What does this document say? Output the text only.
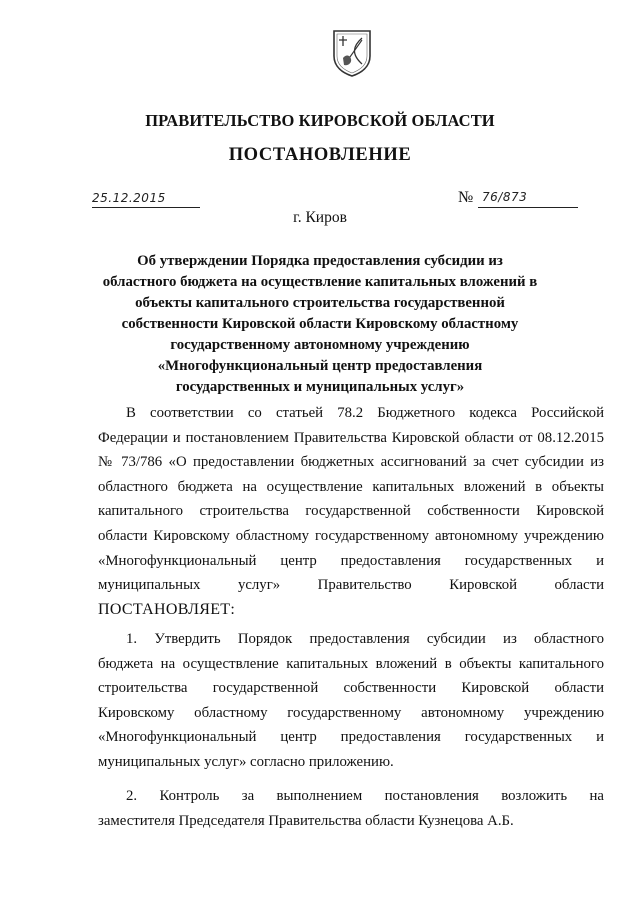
ПРАВИТЕЛЬСТВО КИРОВСКОЙ ОБЛАСТИ
ПОСТАНОВЛЕНИЕ
25.12.2015	№ 76/873
г. Киров
Об утверждении Порядка предоставления субсидии из областного бюджета на осуществление капитальных вложений в объекты капитального строительства государственной собственности Кировской области Кировскому областному государственному автономному учреждению «Многофункциональный центр предоставления государственных и муниципальных услуг»
В соответствии со статьей 78.2 Бюджетного кодекса Российской
Федерации и постановлением Правительства Кировской области от 08.12.2015
№ 73/786 «О предоставлении бюджетных ассигнований за счет субсидии из
областного бюджета на осуществление капитальных вложений в объекты
капитального строительства государственной собственности Кировской
области Кировскому областному государственному автономному учреждению
«Многофункциональный центр предоставления государственных и
муниципальных услуг» Правительство Кировской области
ПОСТАНОВЛЯЕТ:
1. Утвердить Порядок предоставления субсидии из областного
бюджета на осуществление капитальных вложений в объекты капитального
строительства государственной собственности Кировской области
Кировскому областному государственному автономному учреждению
«Многофункциональный центр предоставления государственных и
муниципальных услуг» согласно приложению.
2. Контроль за выполнением постановления возложить на
заместителя Председателя Правительства области Кузнецова А.Б.
